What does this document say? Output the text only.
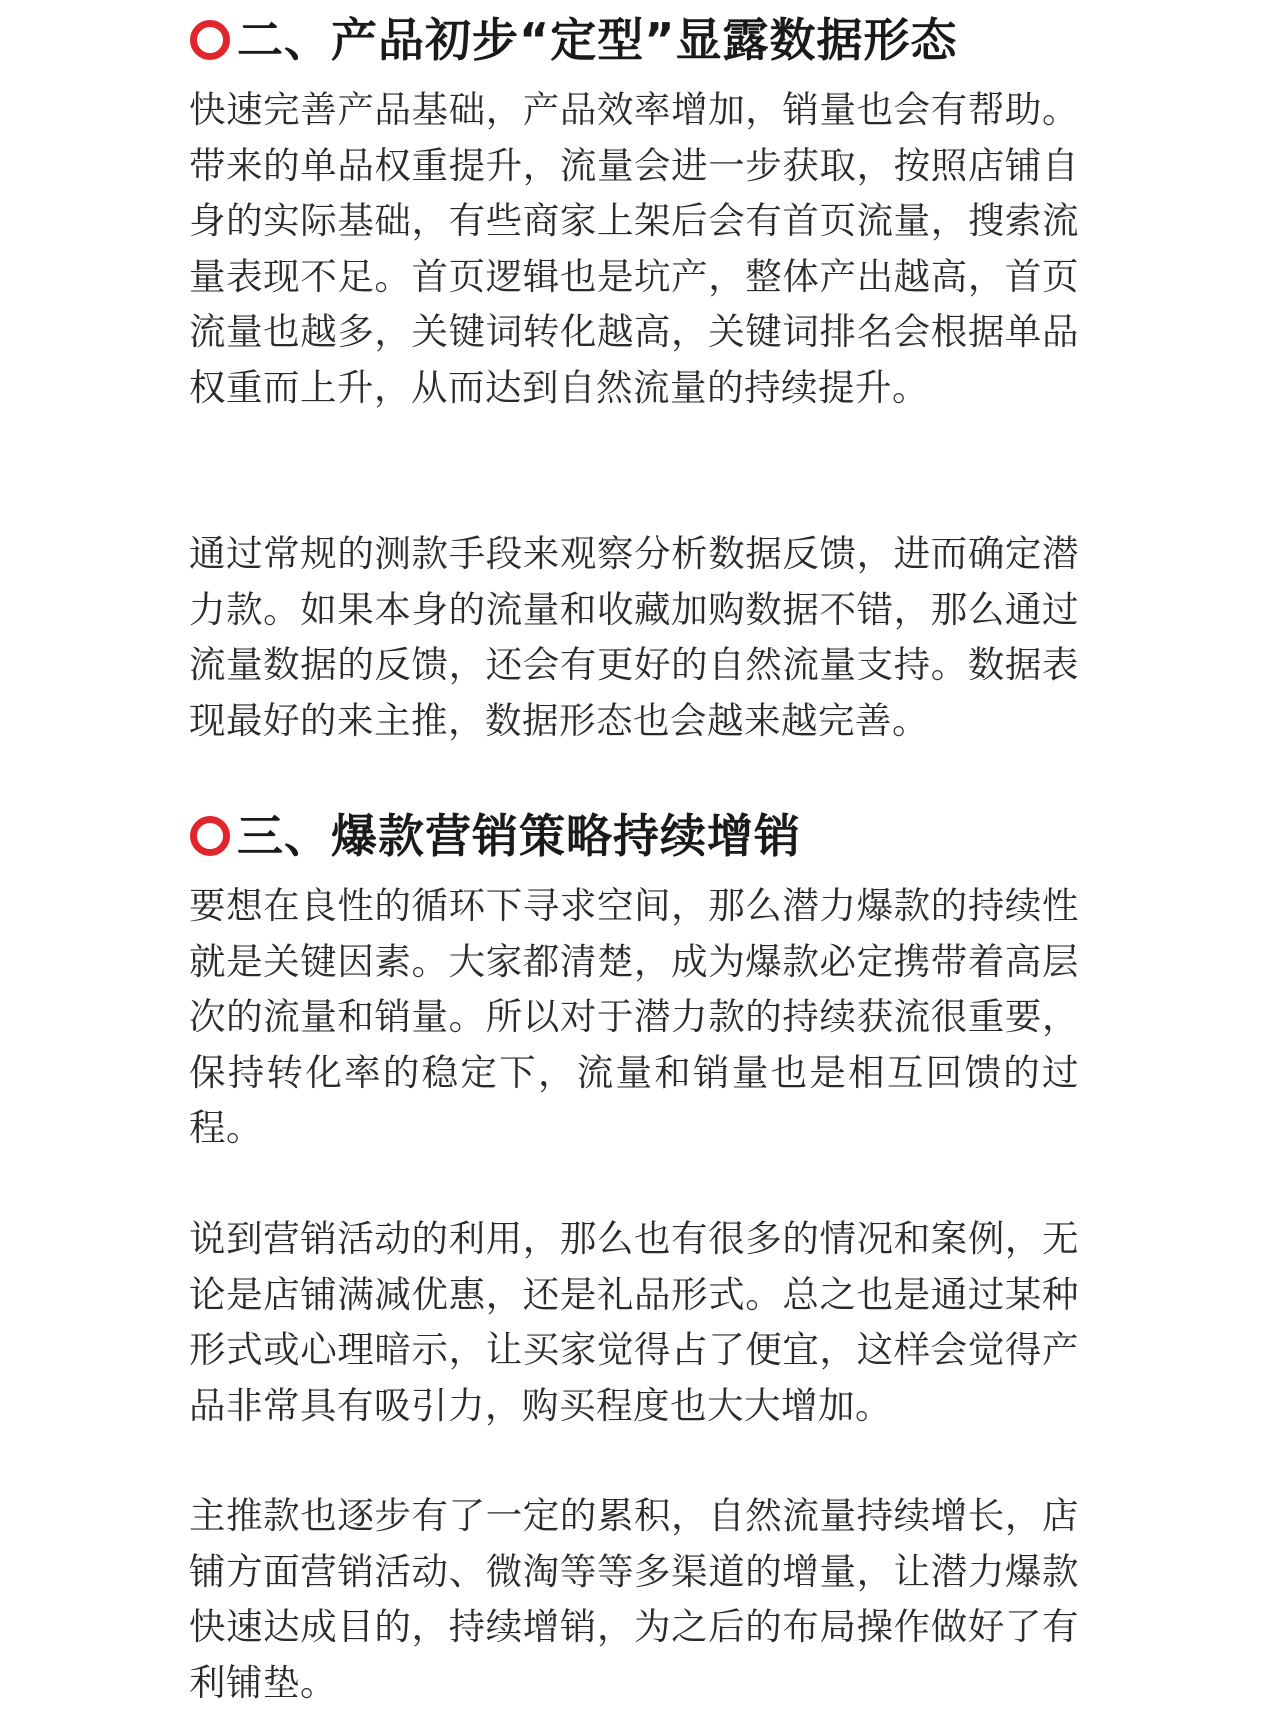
二、产品初步“定型”显露数据形态

快速完善产品基础，产品效率增加，销量也会有帮助。带来的单品权重提升，流量会进一步获取，按照店铺自身的实际基础，有些商家上架后会有首页流量，搜索流量表现不足。首页逻辑也是坑产，整体产出越高，首页流量也越多，关键词转化越高，关键词排名会根据单品权重而上升，从而达到自然流量的持续提升。

通过常规的测款手段来观察分析数据反馈，进而确定潜力款。如果本身的流量和收藏加购数据不错，那么通过流量数据的反馈，还会有更好的自然流量支持。数据表现最好的来主推，数据形态也会越来越完善。

三、爆款营销策略持续增销

要想在良性的循环下寻求空间，那么潜力爆款的持续性就是关键因素。大家都清楚，成为爆款必定携带着高层次的流量和销量。所以对于潜力款的持续获流很重要，保持转化率的稳定下，流量和销量也是相互回馈的过程。

说到营销活动的利用，那么也有很多的情况和案例，无论是店铺满减优惠，还是礼品形式。总之也是通过某种形式或心理暗示，让买家觉得占了便宜，这样会觉得产品非常具有吸引力，购买程度也大大增加。

主推款也逐步有了一定的累积，自然流量持续增长，店铺方面营销活动、微淘等等多渠道的增量，让潜力爆款快速达成目的，持续增销，为之后的布局操作做好了有利铺垫。
